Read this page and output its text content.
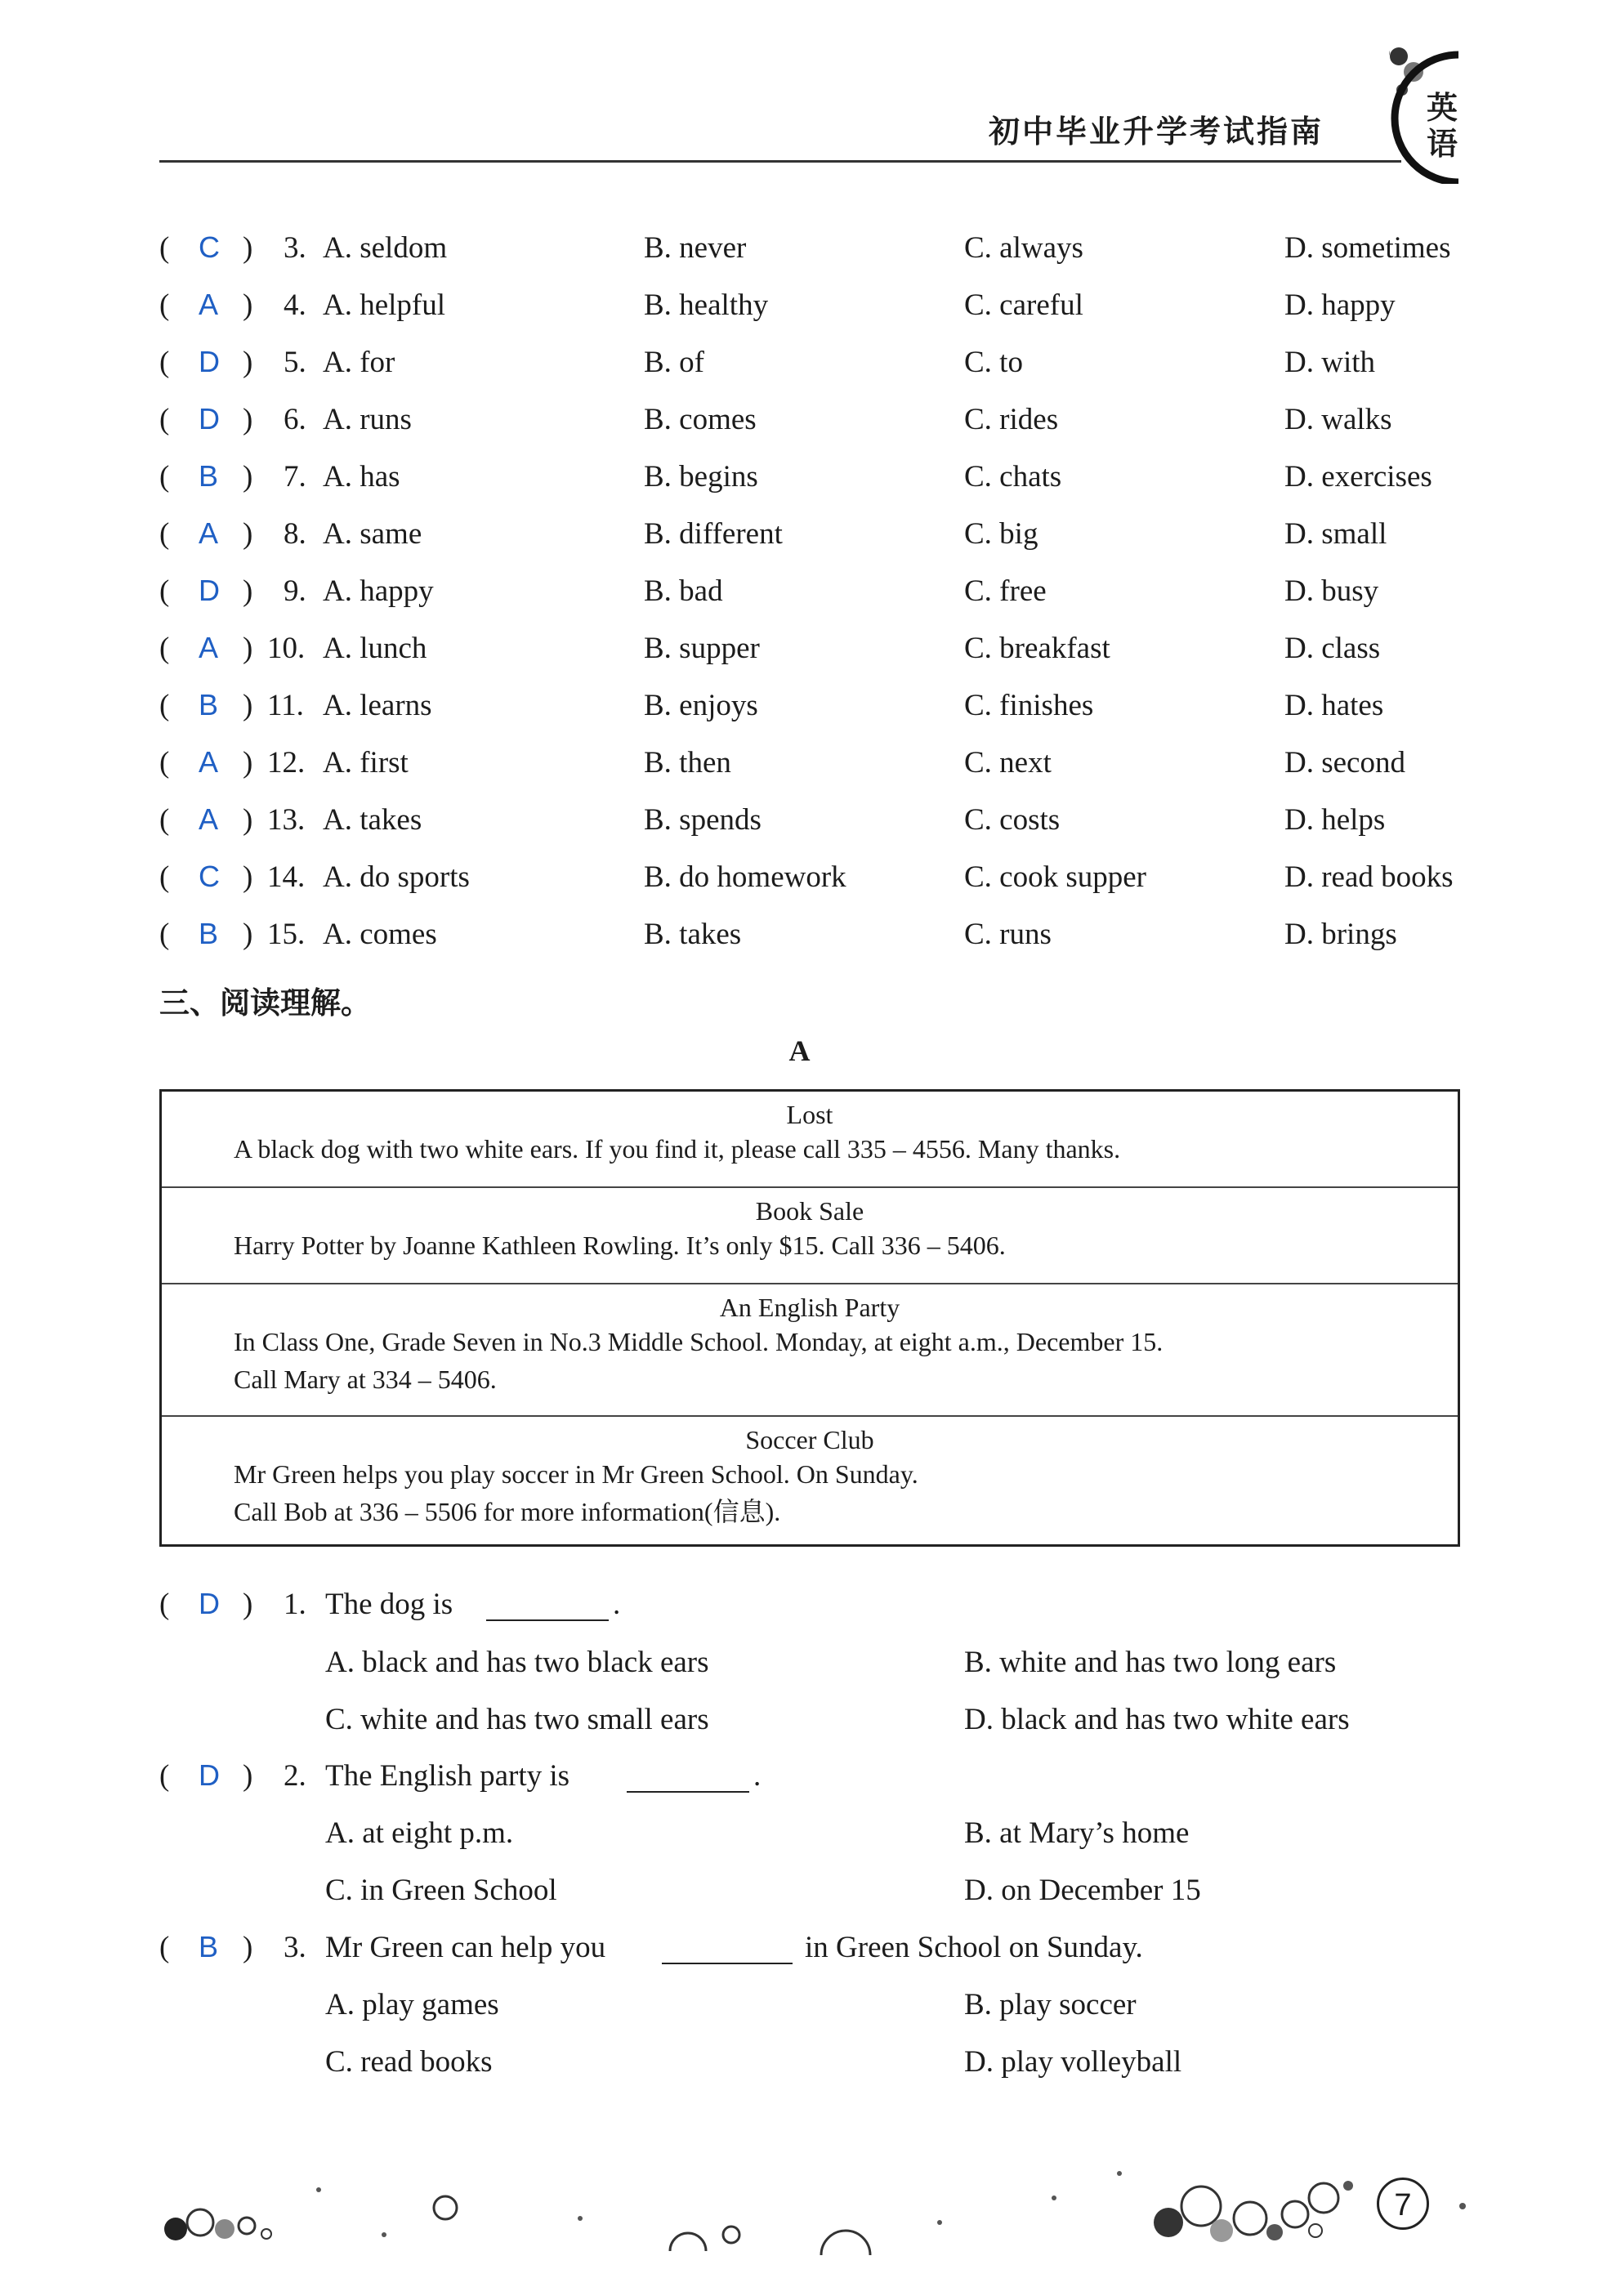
初中毕业升学考试指南
英语
( C ) 3. A. seldom	B. never	C. always	D. sometimes
( A ) 4. A. helpful	B. healthy	C. careful	D. happy
( D ) 5. A. for	B. of	C. to	D. with
( D ) 6. A. runs	B. comes	C. rides	D. walks
( B ) 7. A. has	B. begins	C. chats	D. exercises
( A ) 8. A. same	B. different	C. big	D. small
( D ) 9. A. happy	B. bad	C. free	D. busy
( A ) 10. A. lunch	B. supper	C. breakfast	D. class
( B ) 11. A. learns	B. enjoys	C. finishes	D. hates
( A ) 12. A. first	B. then	C. next	D. second
( A ) 13. A. takes	B. spends	C. costs	D. helps
( C ) 14. A. do sports	B. do homework	C. cook supper	D. read books
( B ) 15. A. comes	B. takes	C. runs	D. brings
三、阅读理解。
A
Lost
A black dog with two white ears. If you find it, please call 335 – 4556. Many thanks.
Book Sale
Harry Potter by Joanne Kathleen Rowling. It’s only $15. Call 336 – 5406.
An English Party
In Class One, Grade Seven in No.3 Middle School. Monday, at eight a.m., December 15.
Call Mary at 334 – 5406.
Soccer Club
Mr Green helps you play soccer in Mr Green School. On Sunday.
Call Bob at 336 – 5506 for more information(信息).
( D ) 1. The dog is	.
A. black and has two black ears	B. white and has two long ears
C. white and has two small ears	D. black and has two white ears
( D ) 2. The English party is	.
A. at eight p.m.	B. at Mary’s home
C. in Green School	D. on December 15
( B ) 3. Mr Green can help you	in Green School on Sunday.
A. play games	B. play soccer
C. read books	D. play volleyball
7
